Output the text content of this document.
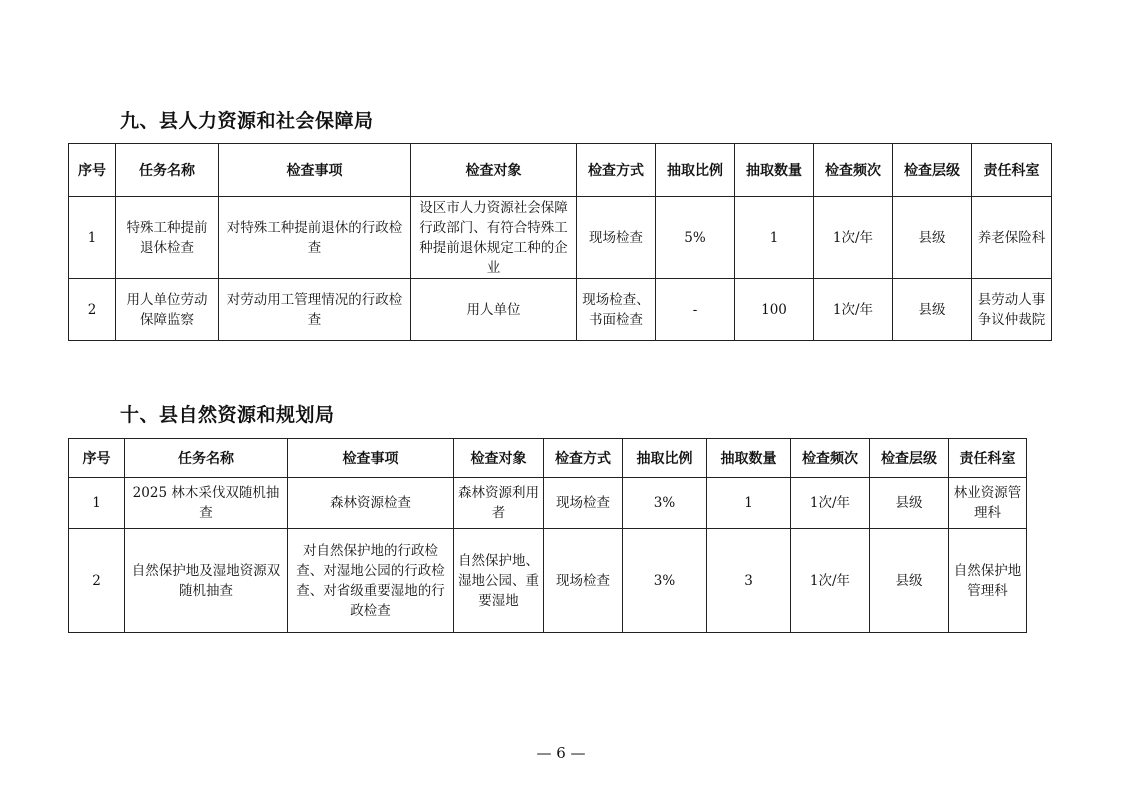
九、县人力资源和社会保障局
序号	任务名称	检查事项	检查对象	检查方式	抽取比例	抽取数量	检查频次	检查层级	责任科室
1	特殊工种提前退休检查	对特殊工种提前退休的行政检查	设区市人力资源社会保障行政部门、有符合特殊工种提前退休规定工种的企业	现场检查	5%	1	1次/年	县级	养老保险科
2	用人单位劳动保障监察	对劳动用工管理情况的行政检查	用人单位	现场检查、书面检查	-	100	1次/年	县级	县劳动人事争议仲裁院
十、县自然资源和规划局
序号	任务名称	检查事项	检查对象	检查方式	抽取比例	抽取数量	检查频次	检查层级	责任科室
1	2025 林木采伐双随机抽查	森林资源检查	森林资源利用者	现场检查	3%	1	1次/年	县级	林业资源管理科
2	自然保护地及湿地资源双随机抽查	对自然保护地的行政检查、对湿地公园的行政检查、对省级重要湿地的行政检查	自然保护地、湿地公园、重要湿地	现场检查	3%	3	1次/年	县级	自然保护地管理科
— 6 —
